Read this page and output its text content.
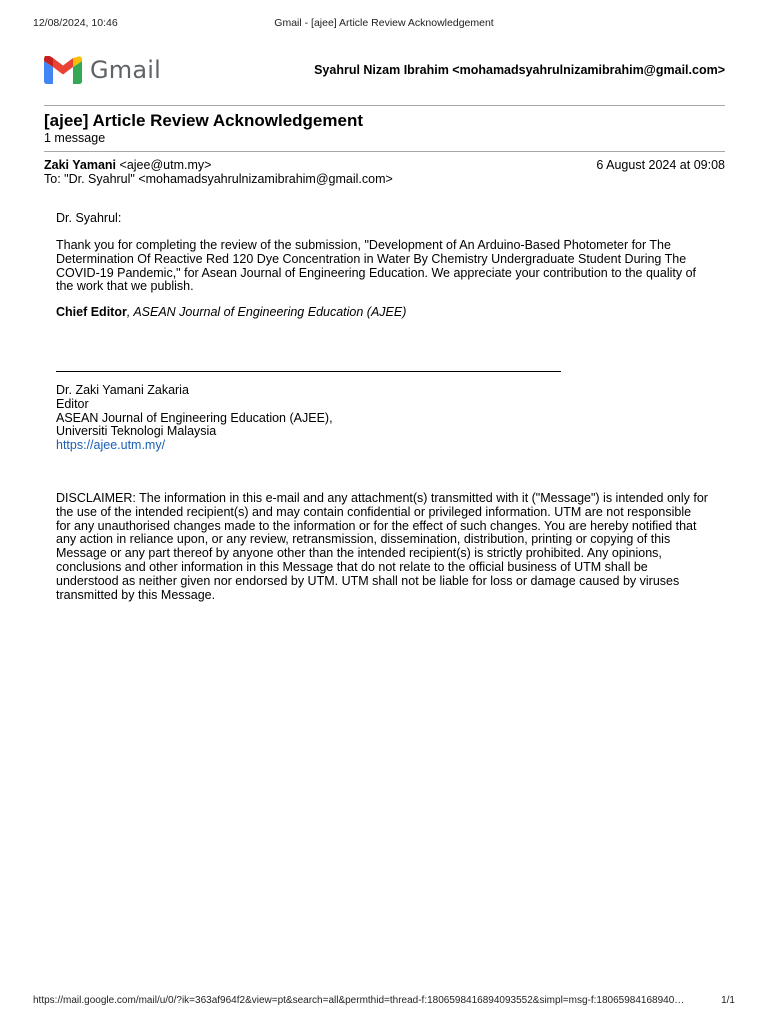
12/08/2024, 10:46	Gmail - [ajee] Article Review Acknowledgement
Gmail	Syahrul Nizam Ibrahim <mohamadsyahrulnizamibrahim@gmail.com>
[ajee] Article Review Acknowledgement
1 message
Zaki Yamani <ajee@utm.my>	6 August 2024 at 09:08
To: "Dr. Syahrul" <mohamadsyahrulnizamibrahim@gmail.com>
Dr. Syahrul:
Thank you for completing the review of the submission, "Development of An Arduino-Based Photometer for The
Determination Of Reactive Red 120 Dye Concentration in Water By Chemistry Undergraduate Student During The
COVID-19 Pandemic," for Asean Journal of Engineering Education. We appreciate your contribution to the quality of
the work that we publish.
Chief Editor, ASEAN Journal of Engineering Education (AJEE)
Dr. Zaki Yamani Zakaria
Editor
ASEAN Journal of Engineering Education (AJEE),
Universiti Teknologi Malaysia
https://ajee.utm.my/
DISCLAIMER: The information in this e-mail and any attachment(s) transmitted with it ("Message") is intended only for
the use of the intended recipient(s) and may contain confidential or privileged information. UTM are not responsible
for any unauthorised changes made to the information or for the effect of such changes. You are hereby notified that
any action in reliance upon, or any review, retransmission, dissemination, distribution, printing or copying of this
Message or any part thereof by anyone other than the intended recipient(s) is strictly prohibited. Any opinions,
conclusions and other information in this Message that do not relate to the official business of UTM shall be
understood as neither given nor endorsed by UTM. UTM shall not be liable for loss or damage caused by viruses
transmitted by this Message.
https://mail.google.com/mail/u/0/?ik=363af964f2&view=pt&search=all&permthid=thread-f:1806598416894093552&simpl=msg-f:18065984168940…	1/1
